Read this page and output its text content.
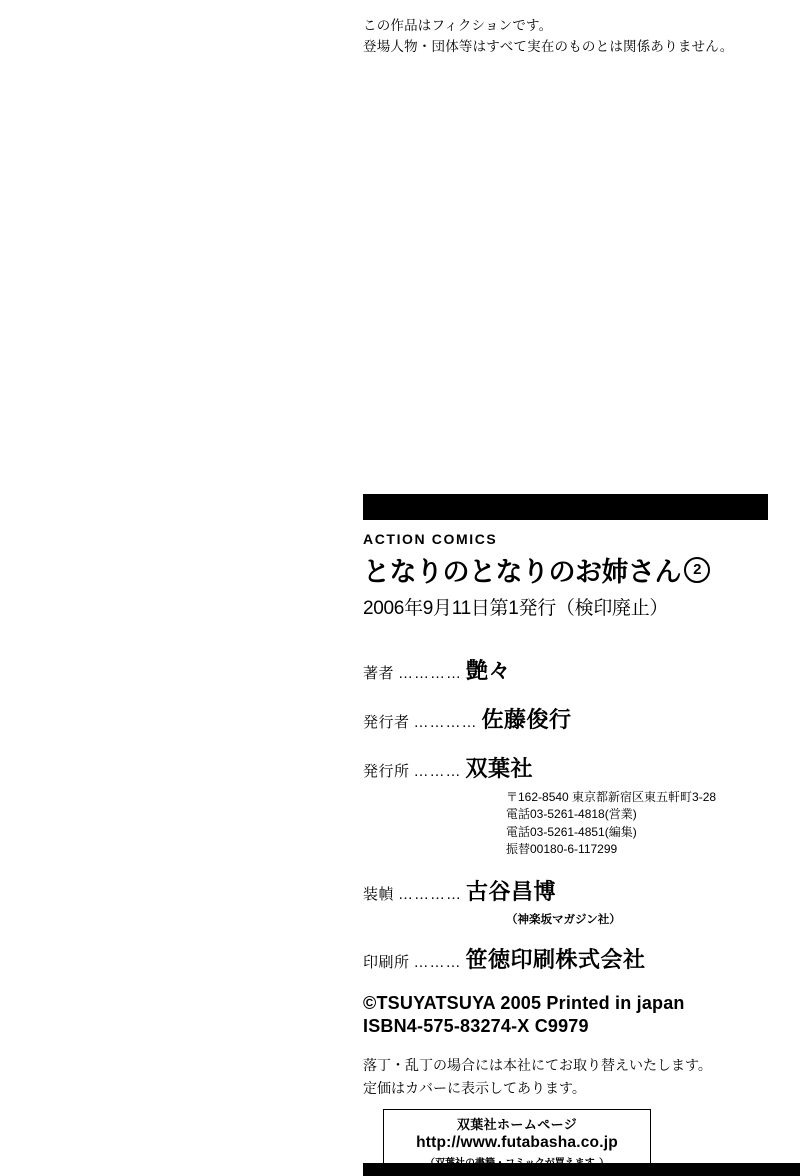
この作品はフィクションです。
登場人物・団体等はすべて実在のものとは関係ありません。
ACTION COMICS
となりのとなりのお姉さん 2
2006年9月11日第1発行（検印廃止）
著者 ………… 艶々
発行者 ………… 佐藤俊行
発行所 ……… 双葉社
〒162-8540 東京都新宿区東五軒町3-28
電話03-5261-4818(営業)
電話03-5261-4851(編集)
振替00180-6-117299
装幀 ………… 古谷昌博
（神楽坂マガジン社）
印刷所 ……… 笹徳印刷株式会社
©TSUYATSUYA 2005 Printed in japan
ISBN4-575-83274-X C9979
落丁・乱丁の場合には本社にてお取り替えいたします。
定価はカバーに表示してあります。
双葉社ホームページ
http://www.futabasha.co.jp
